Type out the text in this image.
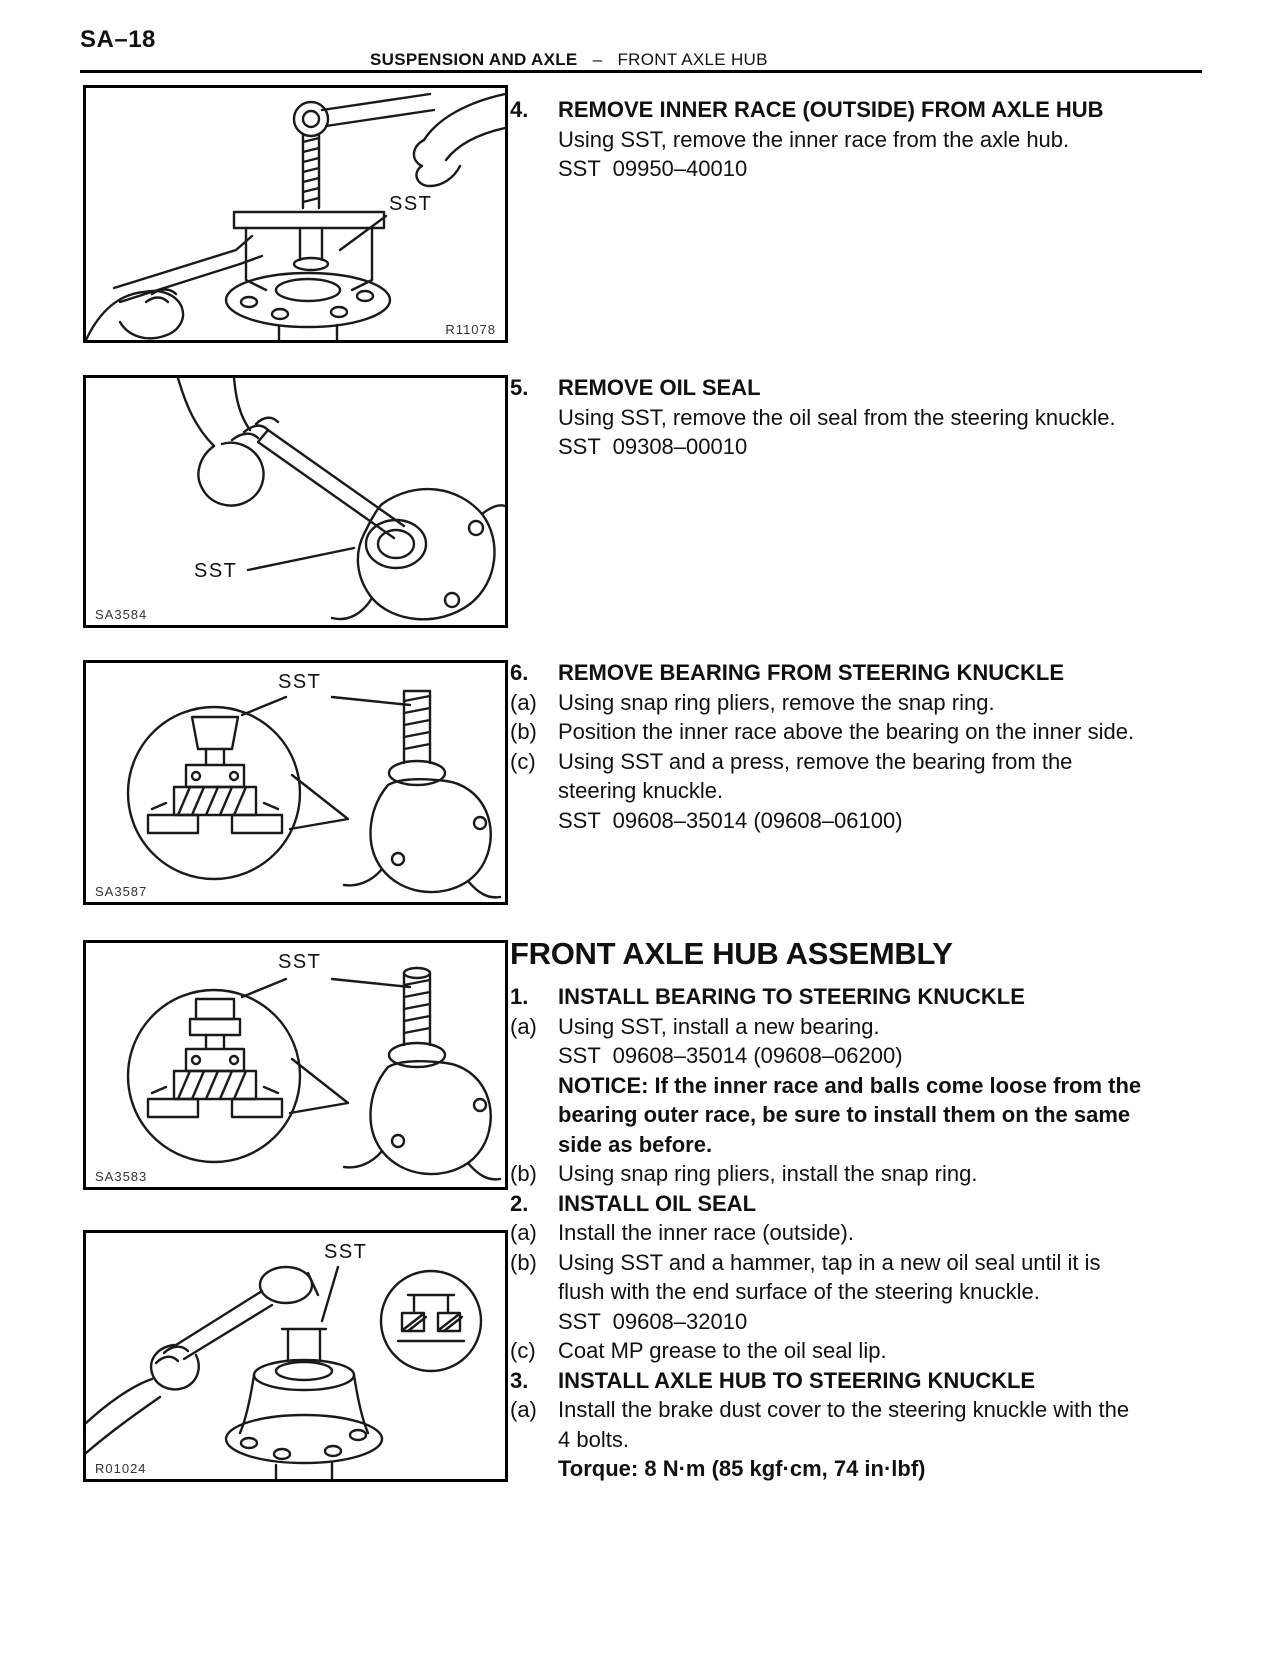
SA–18
SUSPENSION AND AXLE – FRONT AXLE HUB
SST
R11078
SST
SA3584
SST
SA3587
SST
SA3583
SST
R01024
4.	REMOVE INNER RACE (OUTSIDE) FROM AXLE HUB
Using SST, remove the inner race from the axle hub.
SST  09950–40010
5.	REMOVE OIL SEAL
Using SST, remove the oil seal from the steering knuckle.
SST  09308–00010
6.	REMOVE BEARING FROM STEERING KNUCKLE
(a) Using snap ring pliers, remove the snap ring.
(b) Position the inner race above the bearing on the inner side.
(c)	Using SST and a press, remove the bearing from the steering knuckle.
SST  09608–35014 (09608–06100)
FRONT AXLE HUB ASSEMBLY
1.	INSTALL BEARING TO STEERING KNUCKLE
(a) Using SST, install a new bearing.
SST  09608–35014 (09608–06200)
NOTICE: If the inner race and balls come loose from the bearing outer race, be sure to install them on the same side as before.
(b) Using snap ring pliers, install the snap ring.
2.	INSTALL OIL SEAL
(a) Install the inner race (outside).
(b) Using SST and a hammer, tap in a new oil seal until it is flush with the end surface of the steering knuckle.
SST  09608–32010
(c)	Coat MP grease to the oil seal lip.
3.	INSTALL AXLE HUB TO STEERING KNUCKLE
(a) Install the brake dust cover to the steering knuckle with the 4 bolts.
Torque: 8 N·m (85 kgf·cm, 74 in·lbf)
